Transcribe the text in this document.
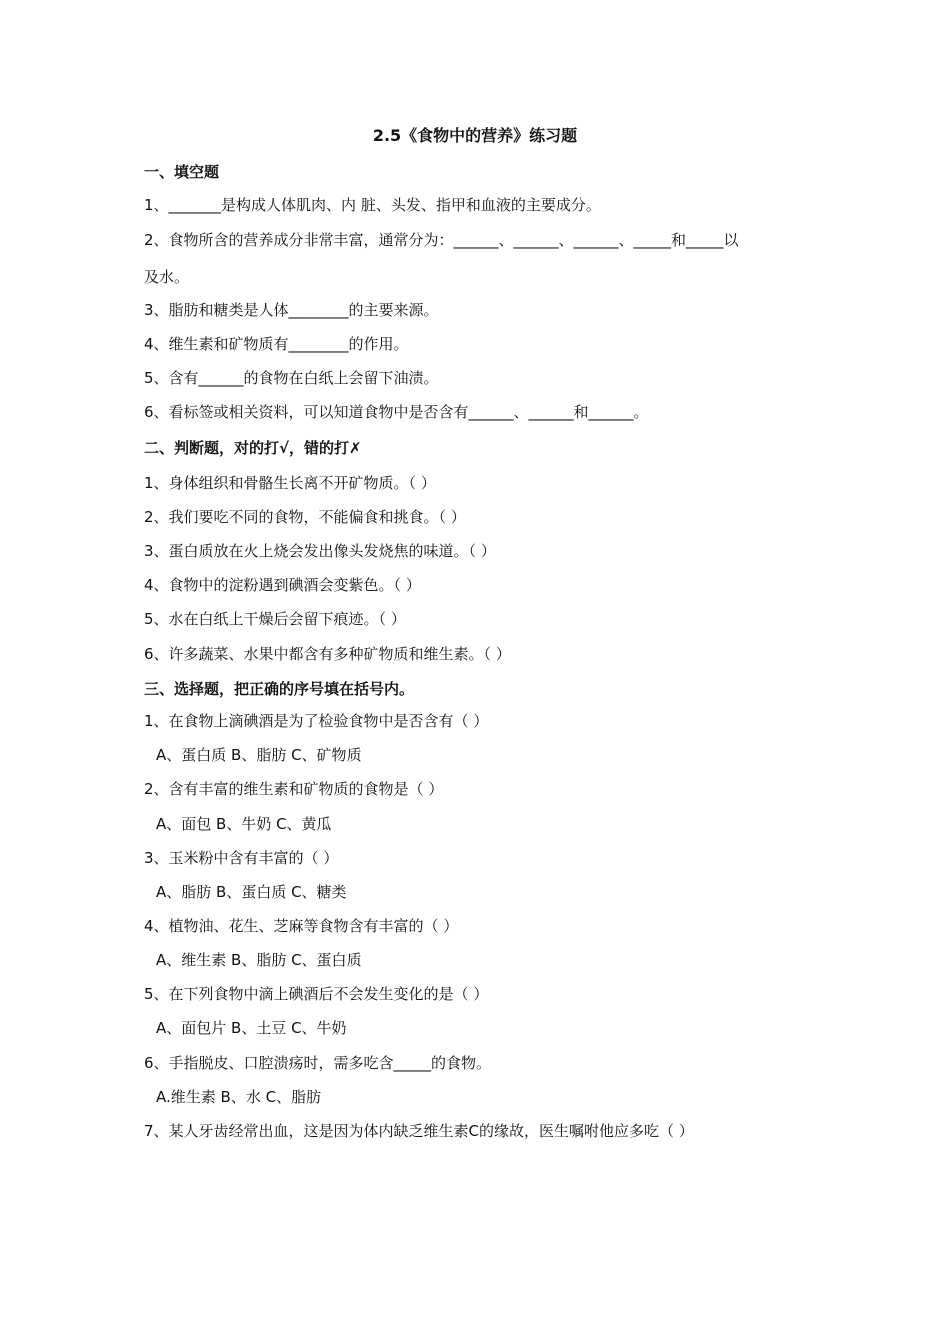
2.5《食物中的营养》练习题
一、填空题
1、_______是构成人体肌肉、内 脏、头发、指甲和血液的主要成分。
2、食物所含的营养成分非常丰富，通常分为：______、______、______、_____和_____以
及水。
3、脂肪和糖类是人体________的主要来源。
4、维生素和矿物质有________的作用。
5、含有______的食物在白纸上会留下油渍。
6、看标签或相关资料，可以知道食物中是否含有______、______和______。
二、判断题，对的打√，错的打✗
1、身体组织和骨骼生长离不开矿物质。（ ）
2、我们要吃不同的食物，不能偏食和挑食。（ ）
3、蛋白质放在火上烧会发出像头发烧焦的味道。（ ）
4、食物中的淀粉遇到碘酒会变紫色。（ ）
5、水在白纸上干燥后会留下痕迹。（ ）
6、许多蔬菜、水果中都含有多种矿物质和维生素。（ ）
三、选择题，把正确的序号填在括号内。
1、在食物上滴碘酒是为了检验食物中是否含有（ ）
A、蛋白质 B、脂肪 C、矿物质
2、含有丰富的维生素和矿物质的食物是（ ）
A、面包 B、牛奶 C、黄瓜
3、玉米粉中含有丰富的（ ）
A、脂肪 B、蛋白质 C、糖类
4、植物油、花生、芝麻等食物含有丰富的（ ）
A、维生素 B、脂肪 C、蛋白质
5、在下列食物中滴上碘酒后不会发生变化的是（ ）
A、面包片 B、土豆 C、牛奶
6、手指脱皮、口腔溃疡时，需多吃含_____的食物。
A.维生素 B、水 C、脂肪
7、某人牙齿经常出血，这是因为体内缺乏维生素C的缘故，医生嘱咐他应多吃（ ）
